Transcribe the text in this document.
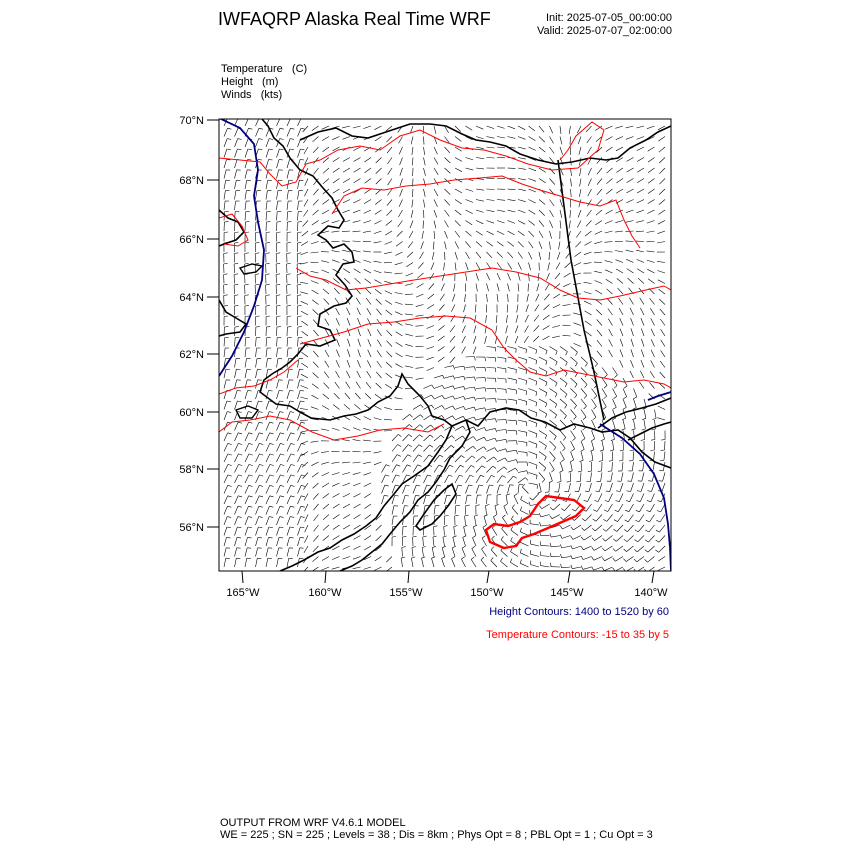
IWFAQRP Alaska Real Time WRF	Init: 2025-07-05_00:00:00
Valid: 2025-07-07_02:00:00
Temperature   (C)
Height   (m)
Winds   (kts)
70°N
68°N
66°N
64°N
62°N
60°N
58°N
56°N
165°W	160°W	155°W	150°W	145°W	140°W
Height Contours: 1400 to 1520 by 60
Temperature Contours: -15 to 35 by 5
OUTPUT FROM WRF V4.6.1 MODEL
WE = 225 ; SN = 225 ; Levels = 38 ; Dis = 8km ; Phys Opt = 8 ; PBL Opt = 1 ; Cu Opt = 3
